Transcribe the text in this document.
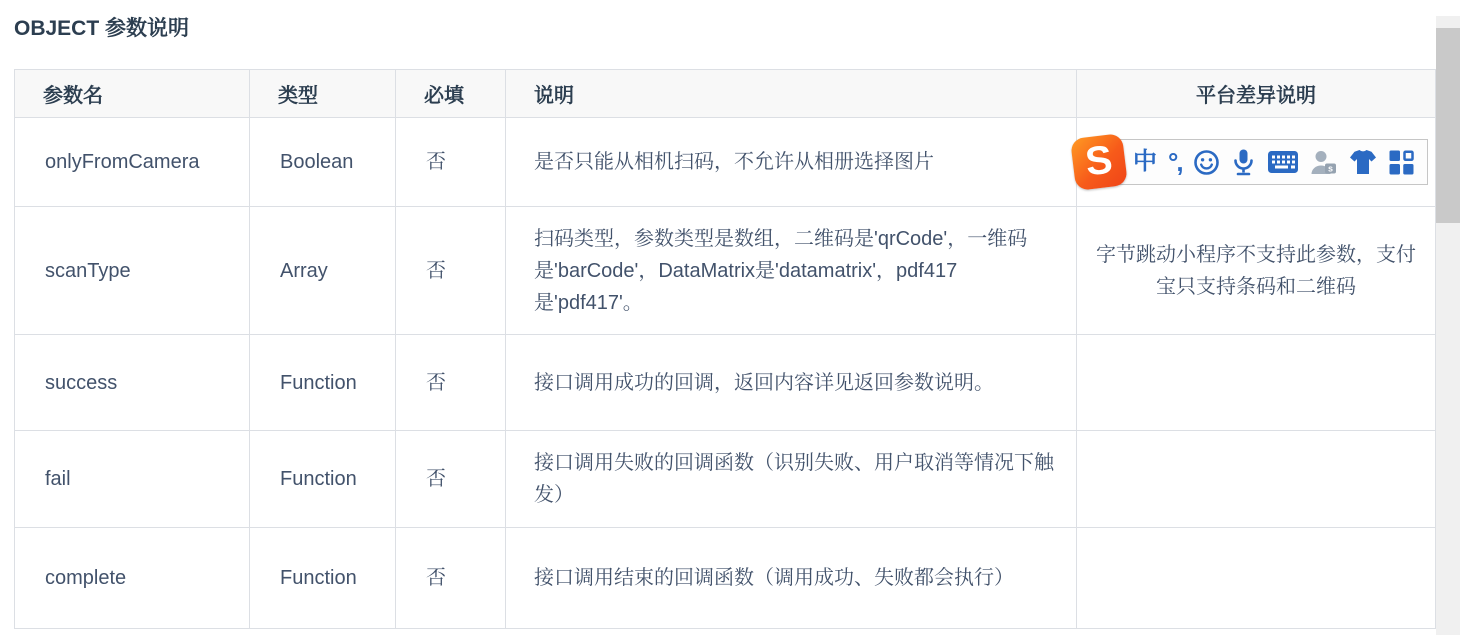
OBJECT 参数说明
参数名	类型	必填	说明	平台差异说明
onlyFromCamera	Boolean	否	是否只能从相机扫码，不允许从相册选择图片	S 中 °, s

scanType	Array	否	扫码类型，参数类型是数组，二维码是'qrCode'，一维码是'barCode'，DataMatrix是'datamatrix'，pdf417是'pdf417'。	字节跳动小程序不支持此参数，支付宝只支持条码和二维码
success	Function	否	接口调用成功的回调，返回内容详见返回参数说明。	
fail	Function	否	接口调用失败的回调函数（识别失败、用户取消等情况下触发）	
complete	Function	否	接口调用结束的回调函数（调用成功、失败都会执行）	
